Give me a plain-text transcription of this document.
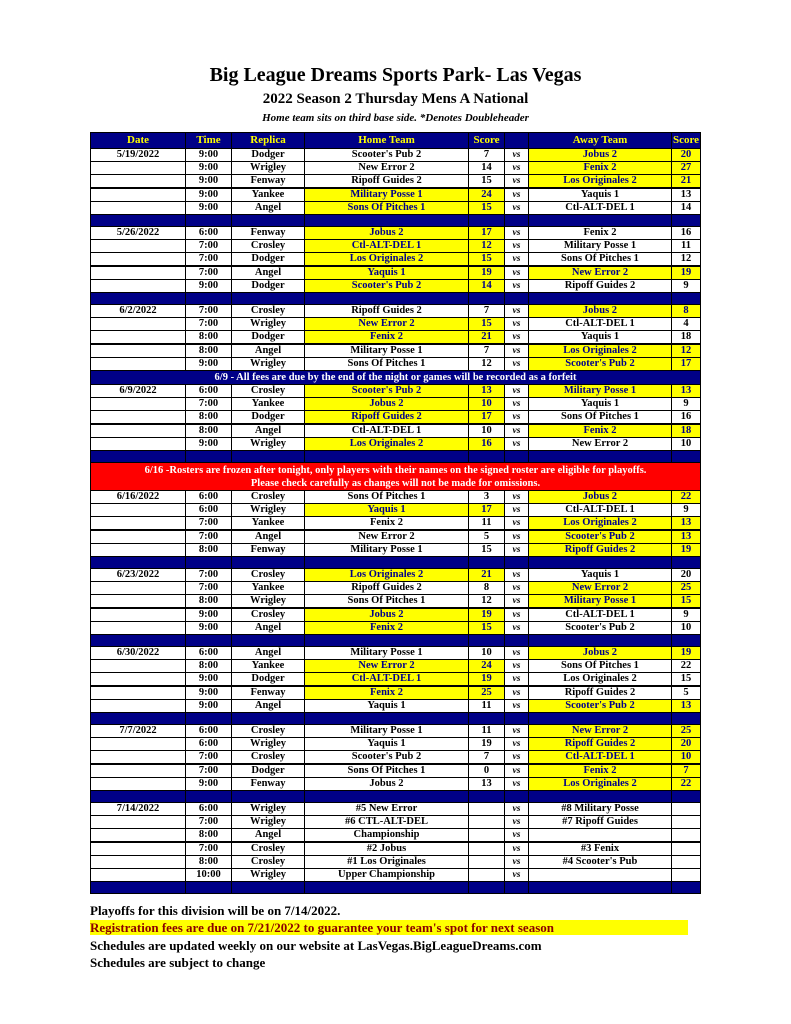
Big League Dreams Sports Park- Las Vegas
2022 Season 2 Thursday Mens A National
Home team sits on third base side. *Denotes Doubleheader
Date	Time	Replica	Home Team	Score		Away Team	Score
5/19/2022	9:00	Dodger	Scooter's Pub 2	7	vs	Jobus 2	20
	9:00	Wrigley	New Error 2	14	vs	Fenix 2	27
	9:00	Fenway	Ripoff Guides 2	15	vs	Los Originales 2	21
	9:00	Yankee	Military Posse 1	24	vs	Yaquis 1	13
	9:00	Angel	Sons Of Pitches 1	15	vs	Ctl-ALT-DEL 1	14

5/26/2022	6:00	Fenway	Jobus 2	17	vs	Fenix 2	16
	7:00	Crosley	Ctl-ALT-DEL 1	12	vs	Military Posse 1	11
	7:00	Dodger	Los Originales 2	15	vs	Sons Of Pitches 1	12
	7:00	Angel	Yaquis 1	19	vs	New Error 2	19
	9:00	Dodger	Scooter's Pub 2	14	vs	Ripoff Guides 2	9

6/2/2022	7:00	Crosley	Ripoff Guides 2	7	vs	Jobus 2	8
	7:00	Wrigley	New Error 2	15	vs	Ctl-ALT-DEL 1	4
	8:00	Dodger	Fenix 2	21	vs	Yaquis 1	18
	8:00	Angel	Military Posse 1	7	vs	Los Originales 2	12
	9:00	Wrigley	Sons Of Pitches 1	12	vs	Scooter's Pub 2	17
6/9 - All fees are due by the end of the night or games will be recorded as a forfeit							
6/9/2022	6:00	Crosley	Scooter's Pub 2	13	vs	Military Posse 1	13
	7:00	Yankee	Jobus 2	10	vs	Yaquis 1	9
	8:00	Dodger	Ripoff Guides 2	17	vs	Sons Of Pitches 1	16
	8:00	Angel	Ctl-ALT-DEL 1	10	vs	Fenix 2	18
	9:00	Wrigley	Los Originales 2	16	vs	New Error 2	10

6/16 -Rosters are frozen after tonight, only players with their names on the signed roster are eligible for playoffs.
Please check carefully as changes will not be made for omissions.							

6/16/2022	6:00	Crosley	Sons Of Pitches 1	3	vs	Jobus 2	22
	6:00	Wrigley	Yaquis 1	17	vs	Ctl-ALT-DEL 1	9
	7:00	Yankee	Fenix 2	11	vs	Los Originales 2	13
	7:00	Angel	New Error 2	5	vs	Scooter's Pub 2	13
	8:00	Fenway	Military Posse 1	15	vs	Ripoff Guides 2	19

6/23/2022	7:00	Crosley	Los Originales 2	21	vs	Yaquis 1	20
	7:00	Yankee	Ripoff Guides 2	8	vs	New Error 2	25
	8:00	Wrigley	Sons Of Pitches 1	12	vs	Military Posse 1	15
	9:00	Crosley	Jobus 2	19	vs	Ctl-ALT-DEL 1	9
	9:00	Angel	Fenix 2	15	vs	Scooter's Pub 2	10

6/30/2022	6:00	Angel	Military Posse 1	10	vs	Jobus 2	19
	8:00	Yankee	New Error 2	24	vs	Sons Of Pitches 1	22
	9:00	Dodger	Ctl-ALT-DEL 1	19	vs	Los Originales 2	15
	9:00	Fenway	Fenix 2	25	vs	Ripoff Guides 2	5
	9:00	Angel	Yaquis 1	11	vs	Scooter's Pub 2	13

7/7/2022	6:00	Crosley	Military Posse 1	11	vs	New Error 2	25
	6:00	Wrigley	Yaquis 1	19	vs	Ripoff Guides 2	20
	7:00	Crosley	Scooter's Pub 2	7	vs	Ctl-ALT-DEL 1	10
	7:00	Dodger	Sons Of Pitches 1	0	vs	Fenix 2	7
	9:00	Fenway	Jobus 2	13	vs	Los Originales 2	22

7/14/2022	6:00	Wrigley	#5 New Error		vs	#8 Military Posse	
	7:00	Wrigley	#6 CTL-ALT-DEL		vs	#7 Ripoff Guides	
	8:00	Angel	Championship		vs		
	7:00	Crosley	#2 Jobus		vs	#3 Fenix	
	8:00	Crosley	#1 Los Originales		vs	#4 Scooter's Pub	
	10:00	Wrigley	Upper Championship		vs		

Playoffs for this division will be on 7/14/2022.
Registration fees are due on 7/21/2022 to guarantee your team's spot for next season
Schedules are updated weekly on our website at LasVegas.BigLeagueDreams.com
Schedules are subject to change
